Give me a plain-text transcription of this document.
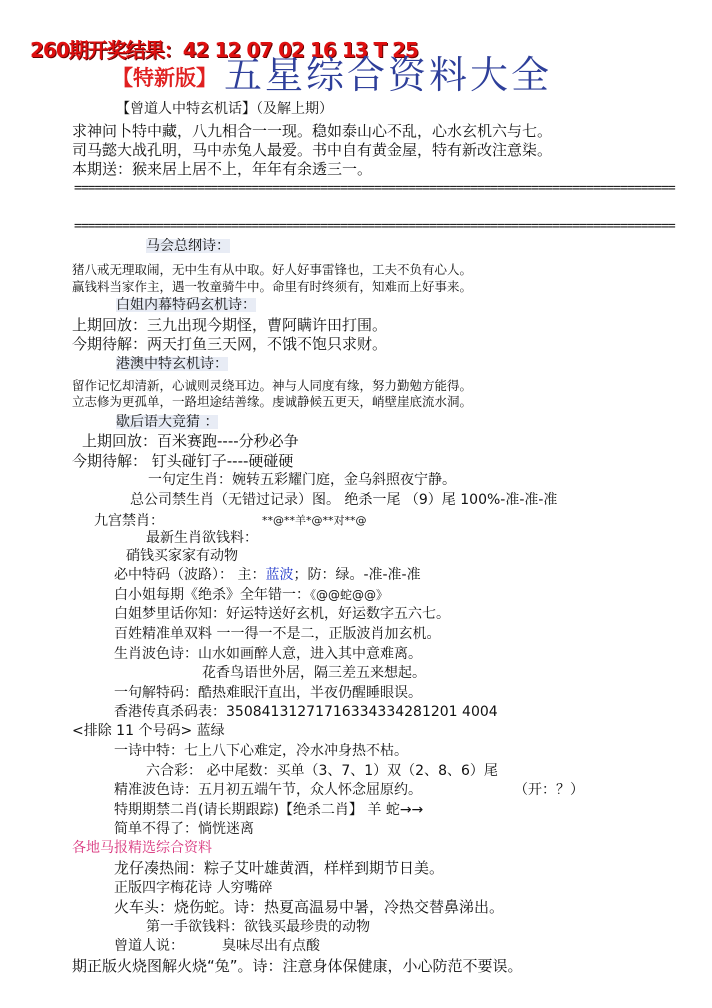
260期开奖结果：42 12 07 02 16 13 T 25
【特新版】 五星综合资料大全
【曾道人中特玄机话】（及解上期）
求神问卜特中藏，八九相合一一现。稳如泰山心不乱，心水玄机六与七。
司马懿大战孔明，马中赤兔人最爱。书中自有黄金屋，特有新改注意柒。
本期送：猴来居上居不上，年年有余透三一。
========================================================================================
========================================================================================
马会总纲诗：
猪八戒无理取闹，无中生有从中取。好人好事雷锋也，工夫不负有心人。
赢钱料当家作主，遇一牧童骑牛中。命里有时终须有，知难而上好事来。
白姐内幕特码玄机诗：
上期回放：三九出现今期怪，曹阿瞒许田打围。
今期待解：两天打鱼三天网，不饿不饱只求财。
港澳中特玄机诗：
留作记忆却清新，心诚则灵绕耳边。神与人同度有缘，努力勤勉方能得。
立志修为更孤单，一路坦途结善缘。虔诚静候五更天，峭壁崖底流水洞。
歇后语大竞猜 ：
上期回放：百米赛跑----分秒必争
今期待解： 钉头碰钉子----硬碰硬
一句定生肖：婉转五彩耀门庭，金乌斜照夜宁静。
总公司禁生肖（无错过记录）图。 绝杀一尾 （9）尾 100%-准-准-准
九宫禁肖：	**@**羊*@**对**@
最新生肖欲钱料：
硝钱买家家有动物
必中特码（波路）： 主：蓝波；防：绿。-准-准-准
白小姐每期《绝杀》全年错一：《@@蛇@@》
白姐梦里话你知：好运特送好玄机，好运数字五六七。
百姓精准单双料 一一得一不是二，正版波肖加玄机。
生肖波色诗：山水如画醉人意，进入其中意难离。
花香鸟语世外居，隔三差五来想起。
一句解特码：酷热难眠汗直出，半夜仍醒睡眼误。
香港传真杀码表：35084131271716334334281201 4004
<排除 11 个号码> 蓝绿
一诗中特：七上八下心难定，冷水冲身热不枯。
六合彩： 必中尾数：买单（3、7、1）双（2、8、6）尾
精准波色诗：五月初五端午节，众人怀念屈原约。	（开：？）
特期期禁二肖(请长期跟踪)【绝杀二肖】 羊 蛇→→
简单不得了：惝恍迷离
各地马报精选综合资料
龙仔凑热闹：粽子艾叶雄黄酒，样样到期节日美。
正版四字梅花诗 人穷嘴碎
火车头：烧伤蛇。诗：热夏高温易中暑，冷热交替鼻涕出。
第一手欲钱料：欲钱买最珍贵的动物
曾道人说：	臭味尽出有点酸
期正版火烧图解火烧“兔”。诗：注意身体保健康，小心防范不要误。
